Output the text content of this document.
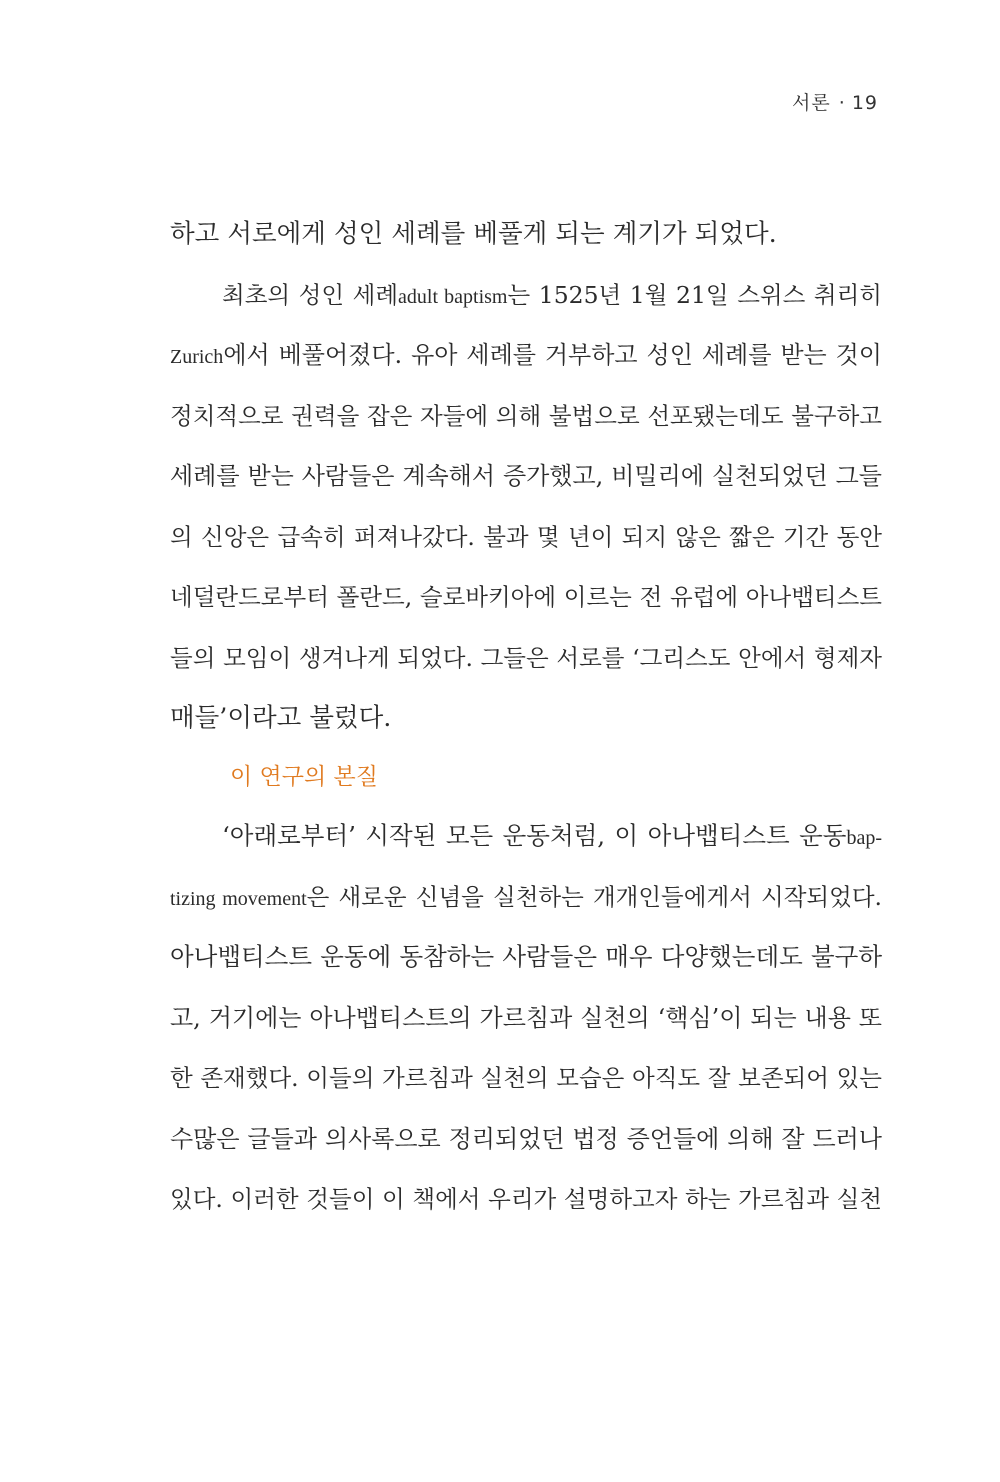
서론 · 19
하고 서로에게 성인 세례를 베풀게 되는 계기가 되었다.
최초의 성인 세례adult baptism는 1525년 1월 21일 스위스 취리히
Zurich에서 베풀어졌다. 유아 세례를 거부하고 성인 세례를 받는 것이
정치적으로 권력을 잡은 자들에 의해 불법으로 선포됐는데도 불구하고
세례를 받는 사람들은 계속해서 증가했고, 비밀리에 실천되었던 그들
의 신앙은 급속히 퍼져나갔다. 불과 몇 년이 되지 않은 짧은 기간 동안
네덜란드로부터 폴란드, 슬로바키아에 이르는 전 유럽에 아나뱁티스트
들의 모임이 생겨나게 되었다. 그들은 서로를 ‘그리스도 안에서 형제자
매들’이라고 불렀다.
이 연구의 본질
‘아래로부터’ 시작된 모든 운동처럼, 이 아나뱁티스트 운동bap-
tizing movement은 새로운 신념을 실천하는 개개인들에게서 시작되었다.
아나뱁티스트 운동에 동참하는 사람들은 매우 다양했는데도 불구하
고, 거기에는 아나뱁티스트의 가르침과 실천의 ‘핵심’이 되는 내용 또
한 존재했다. 이들의 가르침과 실천의 모습은 아직도 잘 보존되어 있는
수많은 글들과 의사록으로 정리되었던 법정 증언들에 의해 잘 드러나
있다. 이러한 것들이 이 책에서 우리가 설명하고자 하는 가르침과 실천
